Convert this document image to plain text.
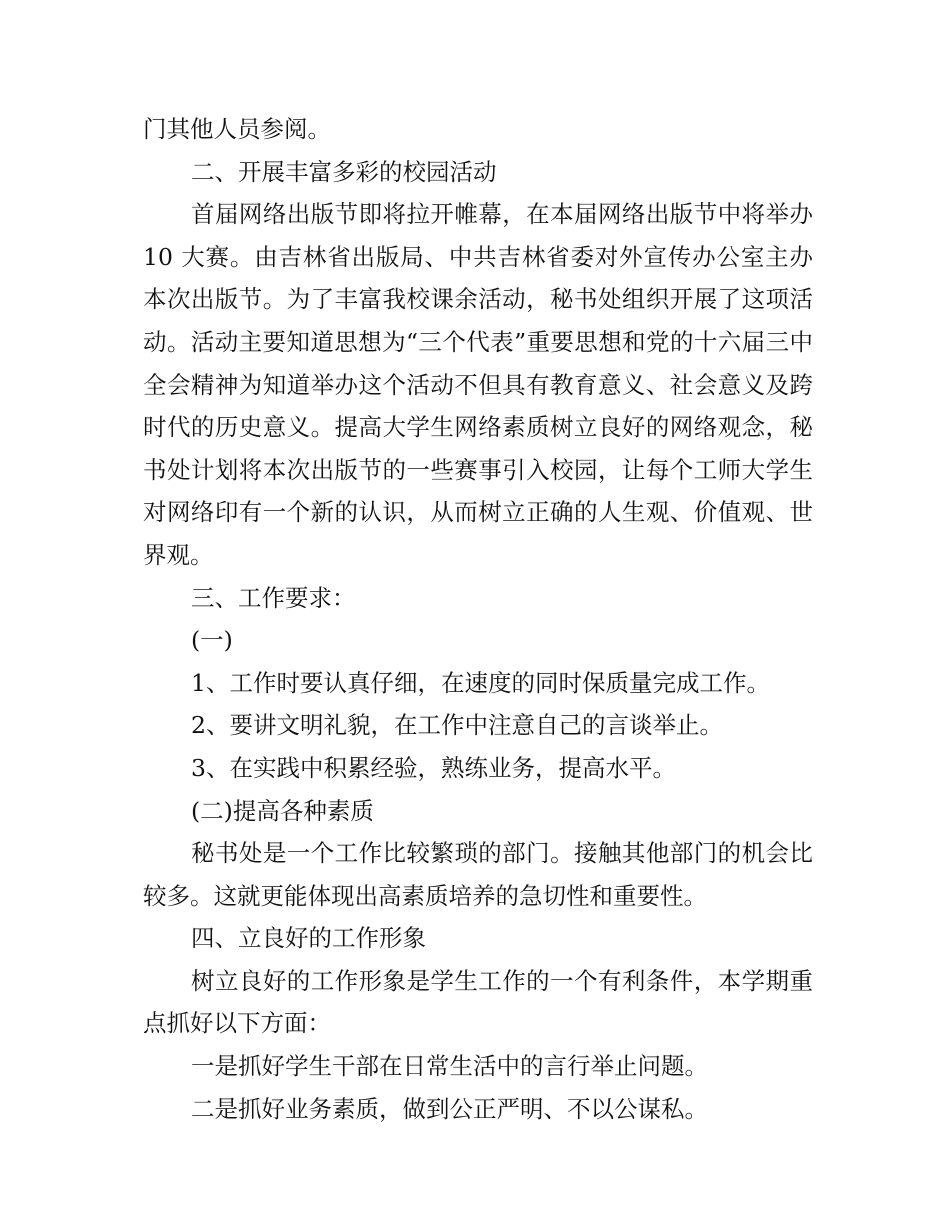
门其他人员参阅。

二、开展丰富多彩的校园活动

首届网络出版节即将拉开帷幕，在本届网络出版节中将举办 10 大赛。由吉林省出版局、中共吉林省委对外宣传办公室主办本次出版节。为了丰富我校课余活动，秘书处组织开展了这项活动。活动主要知道思想为“三个代表”重要思想和党的十六届三中全会精神为知道举办这个活动不但具有教育意义、社会意义及跨时代的历史意义。提高大学生网络素质树立良好的网络观念，秘书处计划将本次出版节的一些赛事引入校园，让每个工师大学生对网络印有一个新的认识，从而树立正确的人生观、价值观、世界观。

三、工作要求：

(一)

1、工作时要认真仔细，在速度的同时保质量完成工作。

2、要讲文明礼貌，在工作中注意自己的言谈举止。

3、在实践中积累经验，熟练业务，提高水平。

(二)提高各种素质

秘书处是一个工作比较繁琐的部门。接触其他部门的机会比较多。这就更能体现出高素质培养的急切性和重要性。

四、立良好的工作形象

树立良好的工作形象是学生工作的一个有利条件，本学期重点抓好以下方面：

一是抓好学生干部在日常生活中的言行举止问题。

二是抓好业务素质，做到公正严明、不以公谋私。
